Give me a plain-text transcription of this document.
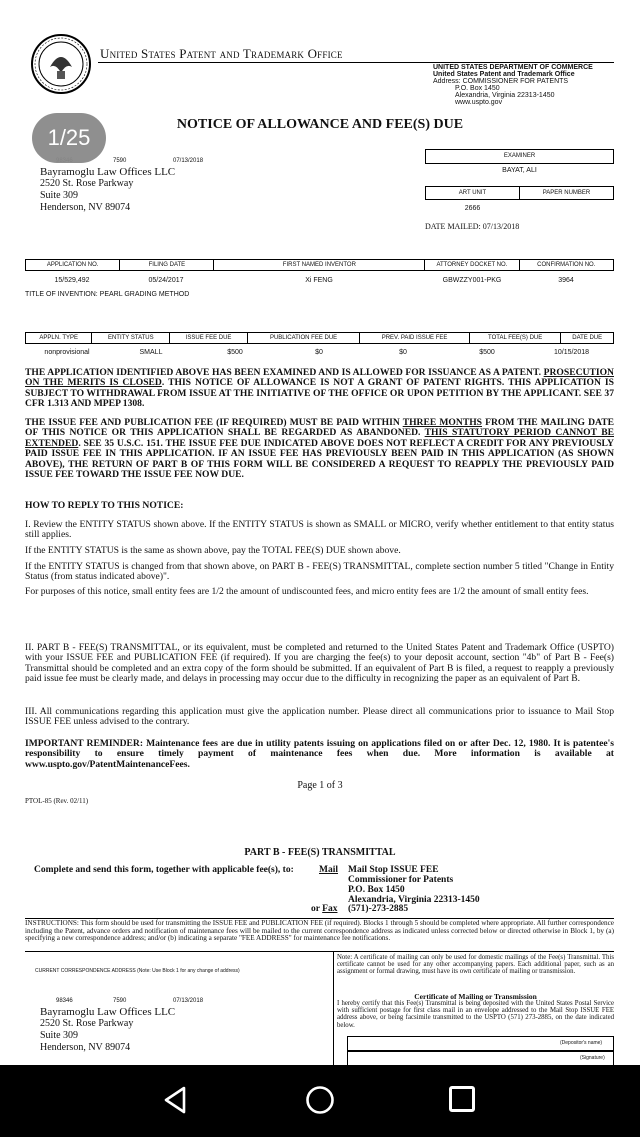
United States Patent and Trademark Office
UNITED STATES DEPARTMENT OF COMMERCE
United States Patent and Trademark Office
Address: COMMISSIONER FOR PATENTS
P.O. Box 1450
Alexandria, Virginia 22313-1450
www.uspto.gov
NOTICE OF ALLOWANCE AND FEE(S) DUE
7590	07/13/2018
Bayramoglu Law Offices LLC
2520 St. Rose Parkway
Suite 309
Henderson, NV 89074
EXAMINER
BAYAT, ALI
ART UNIT	PAPER NUMBER
2666
DATE MAILED: 07/13/2018
APPLICATION NO.	FILING DATE	FIRST NAMED INVENTOR	ATTORNEY DOCKET NO.	CONFIRMATION NO.
15/529,492	05/24/2017	Xi FENG	GBWZZY001-PKG	3964
TITLE OF INVENTION: PEARL GRADING METHOD
APPLN. TYPE	ENTITY STATUS	ISSUE FEE DUE	PUBLICATION FEE DUE	PREV. PAID ISSUE FEE	TOTAL FEE(S) DUE	DATE DUE
nonprovisional	SMALL	$500	$0	$0	$500	10/15/2018
THE APPLICATION IDENTIFIED ABOVE HAS BEEN EXAMINED AND IS ALLOWED FOR ISSUANCE AS A PATENT. PROSECUTION ON THE MERITS IS CLOSED. THIS NOTICE OF ALLOWANCE IS NOT A GRANT OF PATENT RIGHTS. THIS APPLICATION IS SUBJECT TO WITHDRAWAL FROM ISSUE AT THE INITIATIVE OF THE OFFICE OR UPON PETITION BY THE APPLICANT. SEE 37 CFR 1.313 AND MPEP 1308.
THE ISSUE FEE AND PUBLICATION FEE (IF REQUIRED) MUST BE PAID WITHIN THREE MONTHS FROM THE MAILING DATE OF THIS NOTICE OR THIS APPLICATION SHALL BE REGARDED AS ABANDONED. THIS STATUTORY PERIOD CANNOT BE EXTENDED. SEE 35 U.S.C. 151. THE ISSUE FEE DUE INDICATED ABOVE DOES NOT REFLECT A CREDIT FOR ANY PREVIOUSLY PAID ISSUE FEE IN THIS APPLICATION. IF AN ISSUE FEE HAS PREVIOUSLY BEEN PAID IN THIS APPLICATION (AS SHOWN ABOVE), THE RETURN OF PART B OF THIS FORM WILL BE CONSIDERED A REQUEST TO REAPPLY THE PREVIOUSLY PAID ISSUE FEE TOWARD THE ISSUE FEE NOW DUE.
HOW TO REPLY TO THIS NOTICE:
I. Review the ENTITY STATUS shown above. If the ENTITY STATUS is shown as SMALL or MICRO, verify whether entitlement to that entity status still applies.
If the ENTITY STATUS is the same as shown above, pay the TOTAL FEE(S) DUE shown above.
If the ENTITY STATUS is changed from that shown above, on PART B - FEE(S) TRANSMITTAL, complete section number 5 titled "Change in Entity Status (from status indicated above)".
For purposes of this notice, small entity fees are 1/2 the amount of undiscounted fees, and micro entity fees are 1/2 the amount of small entity fees.
II. PART B - FEE(S) TRANSMITTAL, or its equivalent, must be completed and returned to the United States Patent and Trademark Office (USPTO) with your ISSUE FEE and PUBLICATION FEE (if required). If you are charging the fee(s) to your deposit account, section "4b" of Part B - Fee(s) Transmittal should be completed and an extra copy of the form should be submitted. If an equivalent of Part B is filed, a request to reapply a previously paid issue fee must be clearly made, and delays in processing may occur due to the difficulty in recognizing the paper as an equivalent of Part B.
III. All communications regarding this application must give the application number. Please direct all communications prior to issuance to Mail Stop ISSUE FEE unless advised to the contrary.
IMPORTANT REMINDER: Maintenance fees are due in utility patents issuing on applications filed on or after Dec. 12, 1980. It is patentee's responsibility to ensure timely payment of maintenance fees when due. More information is available at www.uspto.gov/PatentMaintenanceFees.
Page 1 of 3
PTOL-85 (Rev. 02/11)
PART B - FEE(S) TRANSMITTAL
Complete and send this form, together with applicable fee(s), to:	Mail Mail Stop ISSUE FEE
Commissioner for Patents
P.O. Box 1450
Alexandria, Virginia 22313-1450
or Fax (571)-273-2885
INSTRUCTIONS: This form should be used for transmitting the ISSUE FEE and PUBLICATION FEE (if required). Blocks 1 through 5 should be completed where appropriate. All further correspondence including the Patent, advance orders and notification of maintenance fees will be mailed to the current correspondence address as indicated unless corrected below or directed otherwise in Block 1, by (a) specifying a new correspondence address; and/or (b) indicating a separate "FEE ADDRESS" for maintenance fee notifications.
CURRENT CORRESPONDENCE ADDRESS (Note: Use Block 1 for any change of address)
98346	7590	07/13/2018
Bayramoglu Law Offices LLC
2520 St. Rose Parkway
Suite 309
Henderson, NV 89074
Note: A certificate of mailing can only be used for domestic mailings of the Fee(s) Transmittal. This certificate cannot be used for any other accompanying papers. Each additional paper, such as an assignment or formal drawing, must have its own certificate of mailing or transmission.
Certificate of Mailing or Transmission
I hereby certify that this Fee(s) Transmittal is being deposited with the United States Postal Service with sufficient postage for first class mail in an envelope addressed to the Mail Stop ISSUE FEE address above, or being facsimile transmitted to the USPTO (571) 273-2885, on the date indicated below.
(Depositor's name)
(Signature)
1/25
